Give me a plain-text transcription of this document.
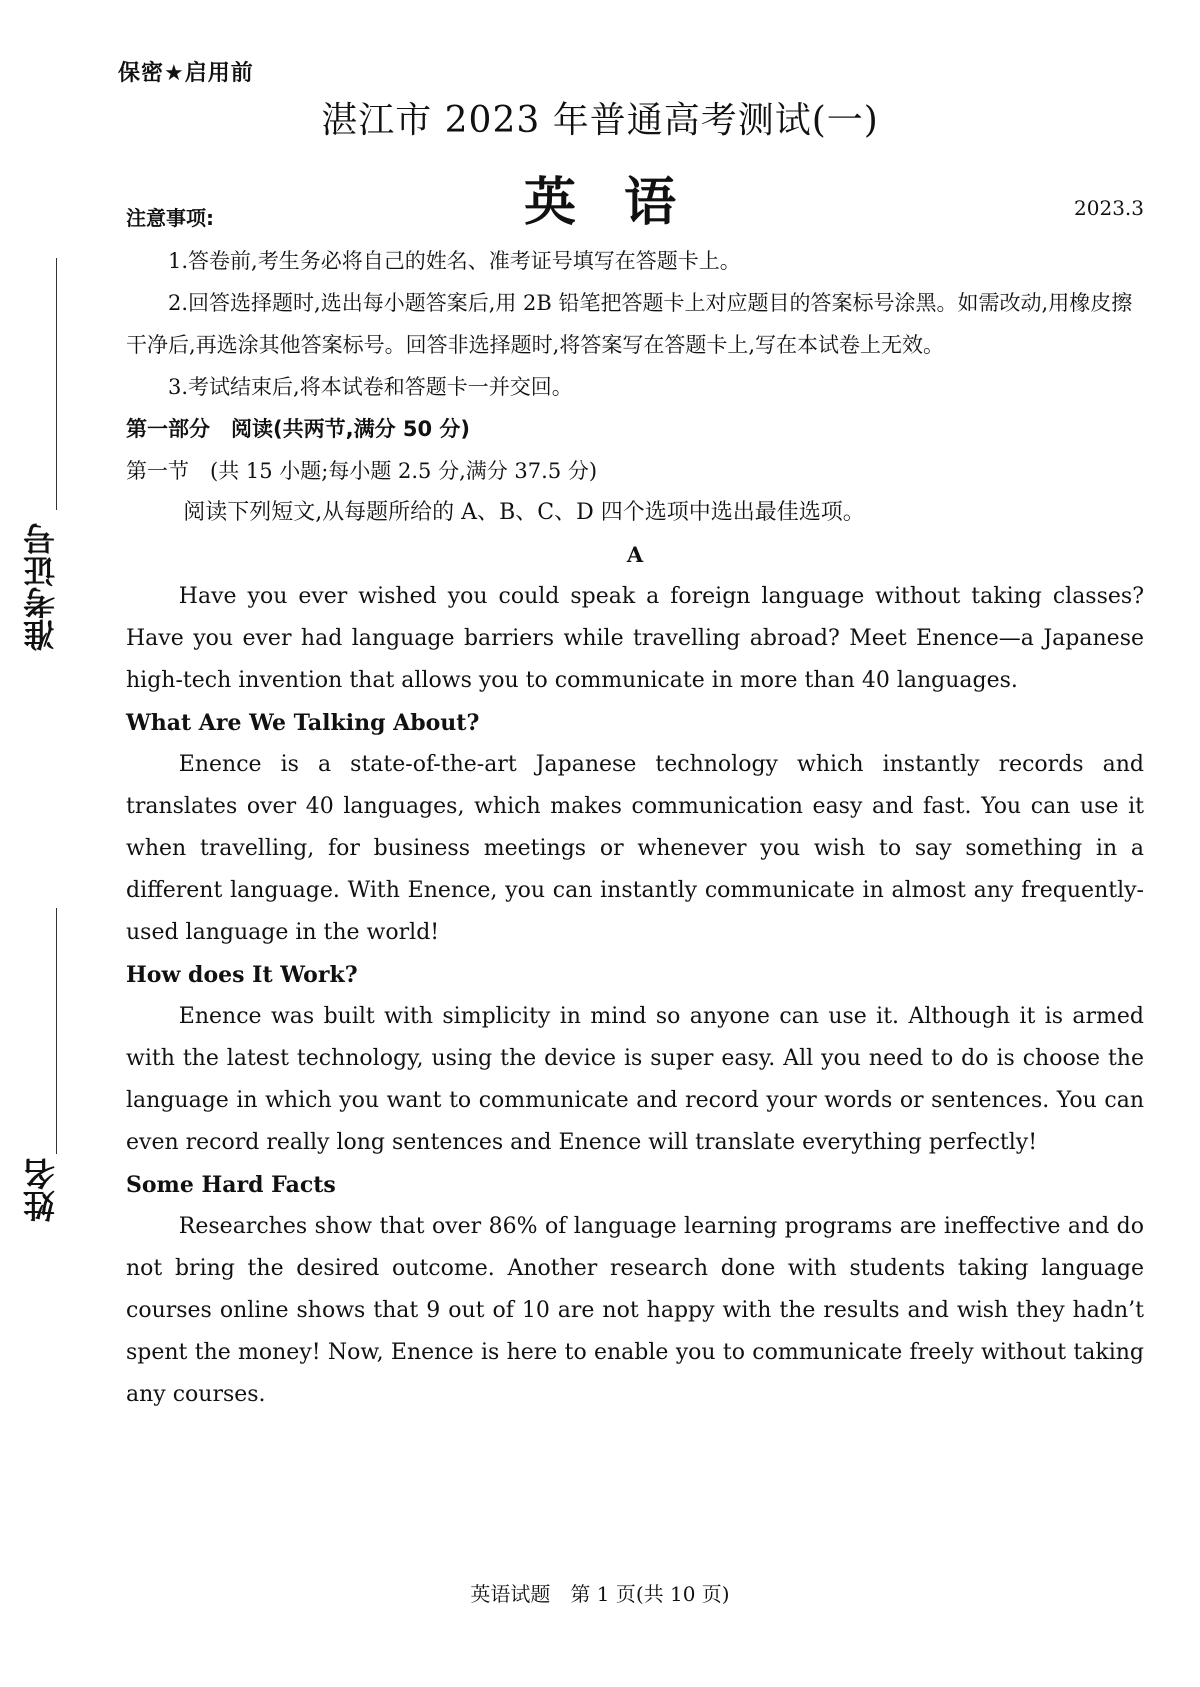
保密★启用前
湛江市 2023 年普通高考测试(一)
英语
注意事项:	2023.3
准考证号
姓名

1.答卷前,考生务必将自己的姓名、准考证号填写在答题卡上。

2.回答选择题时,选出每小题答案后,用 2B 铅笔把答题卡上对应题目的答案标号涂黑。如需改动,用橡皮擦干净后,再选涂其他答案标号。回答非选择题时,将答案写在答题卡上,写在本试卷上无效。

3.考试结束后,将本试卷和答题卡一并交回。

第一部分　阅读(共两节,满分 50 分)

第一节　(共 15 小题;每小题 2.5 分,满分 37.5 分)

阅读下列短文,从每题所给的 A、B、C、D 四个选项中选出最佳选项。

A

Have you ever wished you could speak a foreign language without taking classes? Have you ever had language barriers while travelling abroad? Meet Enence—a Japanese high-tech invention that allows you to communicate in more than 40 languages.

What Are We Talking About?

Enence is a state-of-the-art Japanese technology which instantly records and translates over 40 languages, which makes communication easy and fast. You can use it when travelling, for business meetings or whenever you wish to say something in a different language. With Enence, you can instantly communicate in almost any frequently-used language in the world!

How does It Work?

Enence was built with simplicity in mind so anyone can use it. Although it is armed with the latest technology, using the device is super easy. All you need to do is choose the language in which you want to communicate and record your words or sentences. You can even record really long sentences and Enence will translate everything perfectly!

Some Hard Facts

Researches show that over 86% of language learning programs are ineffective and do not bring the desired outcome. Another research done with students taking language courses online shows that 9 out of 10 are not happy with the results and wish they hadn’t spent the money! Now, Enence is here to enable you to communicate freely without taking any courses.

英语试题　第 1 页(共 10 页)
